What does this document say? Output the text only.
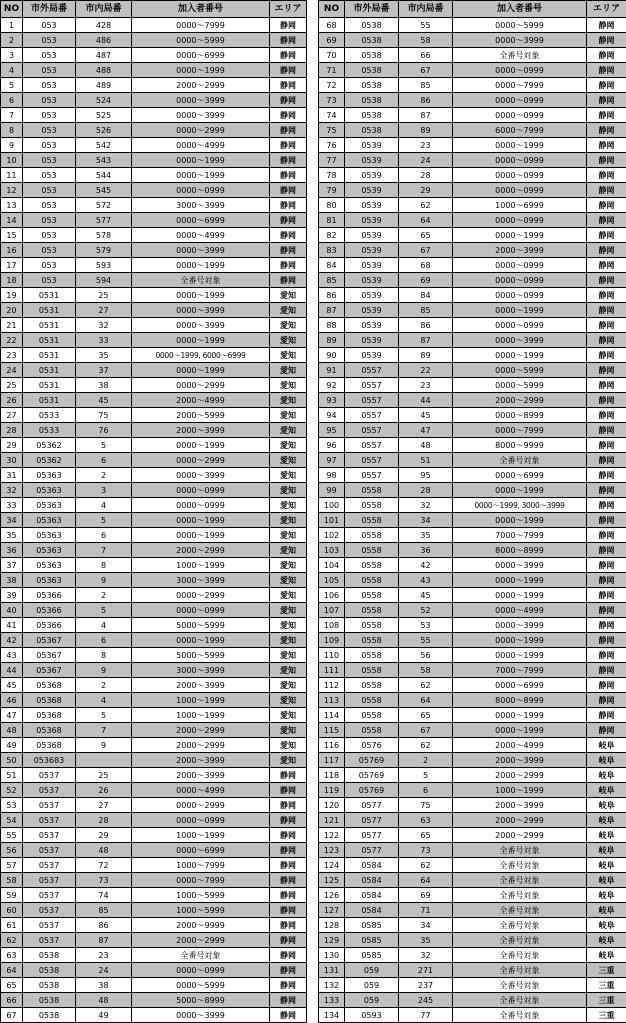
NO	市外局番	市内局番	加入者番号	エリア
1	053	428	0000～7999	静岡
2	053	486	0000～5999	静岡
3	053	487	0000～6999	静岡
4	053	488	0000～1999	静岡
5	053	489	2000～2999	静岡
6	053	524	0000～3999	静岡
7	053	525	0000～3999	静岡
8	053	526	0000～2999	静岡
9	053	542	0000～4999	静岡
10	053	543	0000～1999	静岡
11	053	544	0000～1999	静岡
12	053	545	0000～0999	静岡
13	053	572	3000～3999	静岡
14	053	577	0000～6999	静岡
15	053	578	0000～4999	静岡
16	053	579	0000～3999	静岡
17	053	593	0000～1999	静岡
18	053	594	全番号対象	静岡
19	0531	25	0000～1999	愛知
20	0531	27	0000～3999	愛知
21	0531	32	0000～3999	愛知
22	0531	33	0000～1999	愛知
23	0531	35	0000～1999, 6000～6999	愛知
24	0531	37	0000～1999	愛知
25	0531	38	0000～2999	愛知
26	0531	45	2000～4999	愛知
27	0533	75	2000～5999	愛知
28	0533	76	2000～3999	愛知
29	05362	5	0000～1999	愛知
30	05362	6	0000～2999	愛知
31	05363	2	0000～3999	愛知
32	05363	3	0000～0999	愛知
33	05363	4	0000～0999	愛知
34	05363	5	0000～1999	愛知
35	05363	6	0000～1999	愛知
36	05363	7	2000～2999	愛知
37	05363	8	1000～1999	愛知
38	05363	9	3000～3999	愛知
39	05366	2	0000～2999	愛知
40	05366	5	0000～0999	愛知
41	05366	4	5000～5999	愛知
42	05367	6	0000～1999	愛知
43	05367	8	5000～5999	愛知
44	05367	9	3000～3999	愛知
45	05368	2	2000～3999	愛知
46	05368	4	1000～1999	愛知
47	05368	5	1000～1999	愛知
48	05368	7	2000～2999	愛知
49	05368	9	2000～2999	愛知
50	053683		2000～3999	愛知
51	0537	25	2000～3999	静岡
52	0537	26	0000～4999	静岡
53	0537	27	0000～2999	静岡
54	0537	28	0000～0999	静岡
55	0537	29	1000～1999	静岡
56	0537	48	0000～6999	静岡
57	0537	72	1000～7999	静岡
58	0537	73	0000～7999	静岡
59	0537	74	1000～5999	静岡
60	0537	85	1000～5999	静岡
61	0537	86	2000～9999	静岡
62	0537	87	2000～2999	静岡
63	0538	23	全番号対象	静岡
64	0538	24	0000～0999	静岡
65	0538	38	0000～5999	静岡
66	0538	48	5000～8999	静岡
67	0538	49	0000～3999	静岡
NO	市外局番	市内局番	加入者番号	エリア
68	0538	55	0000～5999	静岡
69	0538	58	0000～3999	静岡
70	0538	66	全番号対象	静岡
71	0538	67	0000～0999	静岡
72	0538	85	0000～7999	静岡
73	0538	86	0000～0999	静岡
74	0538	87	0000～0999	静岡
75	0538	89	6000～7999	静岡
76	0539	23	0000～1999	静岡
77	0539	24	0000～0999	静岡
78	0539	28	0000～0999	静岡
79	0539	29	0000～0999	静岡
80	0539	62	1000～6999	静岡
81	0539	64	0000～0999	静岡
82	0539	65	0000～1999	静岡
83	0539	67	2000～3999	静岡
84	0539	68	0000～0999	静岡
85	0539	69	0000～0999	静岡
86	0539	84	0000～0999	静岡
87	0539	85	0000～1999	静岡
88	0539	86	0000～0999	静岡
89	0539	87	0000～3999	静岡
90	0539	89	0000～1999	静岡
91	0557	22	0000～5999	静岡
92	0557	23	0000～5999	静岡
93	0557	44	2000～2999	静岡
94	0557	45	0000～8999	静岡
95	0557	47	0000～7999	静岡
96	0557	48	8000～9999	静岡
97	0557	51	全番号対象	静岡
98	0557	95	0000～6999	静岡
99	0558	28	0000～1999	静岡
100	0558	32	0000～1999, 3000～3999	静岡
101	0558	34	0000～1999	静岡
102	0558	35	7000～7999	静岡
103	0558	36	8000～8999	静岡
104	0558	42	0000～3999	静岡
105	0558	43	0000～1999	静岡
106	0558	45	0000～1999	静岡
107	0558	52	0000～4999	静岡
108	0558	53	0000～3999	静岡
109	0558	55	0000～1999	静岡
110	0558	56	0000～1999	静岡
111	0558	58	7000～7999	静岡
112	0558	62	0000～6999	静岡
113	0558	64	8000～8999	静岡
114	0558	65	0000～1999	静岡
115	0558	67	0000～1999	静岡
116	0576	62	2000～4999	岐阜
117	05769	2	2000～3999	岐阜
118	05769	5	2000～2999	岐阜
119	05769	6	1000～1999	岐阜
120	0577	75	2000～3999	岐阜
121	0577	63	2000～2999	岐阜
122	0577	65	2000～2999	岐阜
123	0577	73	全番号対象	岐阜
124	0584	62	全番号対象	岐阜
125	0584	64	全番号対象	岐阜
126	0584	69	全番号対象	岐阜
127	0584	71	全番号対象	岐阜
128	0585	34	全番号対象	岐阜
129	0585	35	全番号対象	岐阜
130	0585	32	全番号対象	岐阜
131	059	271	全番号対象	三重
132	059	237	全番号対象	三重
133	059	245	全番号対象	三重
134	0593	77	全番号対象	三重
